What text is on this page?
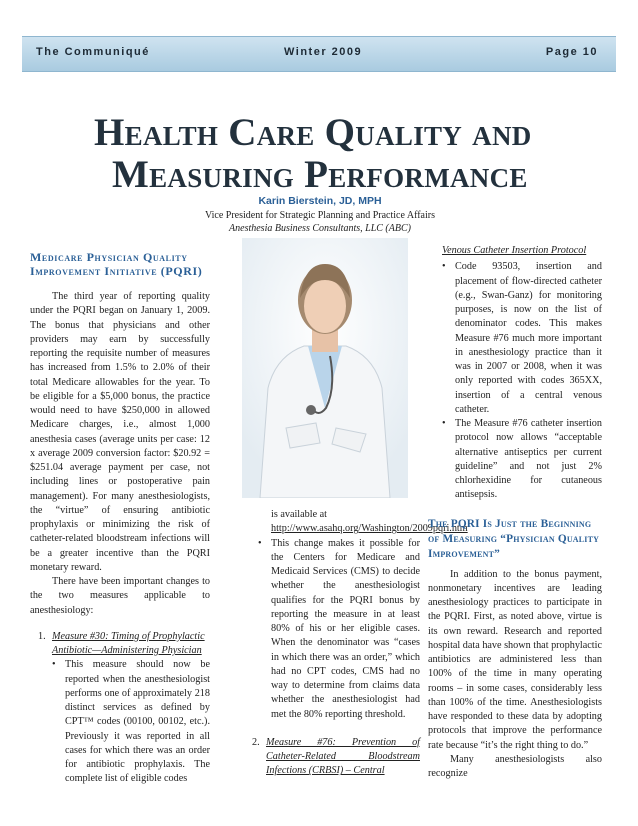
The Communiqué	Winter 2009	Page 10
Health Care Quality and
Measuring Performance
Karin Bierstein, JD, MPH
Vice President for Strategic Planning and Practice Affairs
Anesthesia Business Consultants, LLC (ABC)
Medicare Physician Quality Improvement Initiative (PQRI)

The third year of reporting quality under the PQRI began on January 1, 2009. The bonus that physicians and other providers may earn by successfully reporting the requisite number of measures has increased from 1.5% to 2.0% of their total Medicare allowables for the year. To be eligible for a $5,000 bonus, the practice would need to have $250,000 in allowed Medicare charges, i.e., almost 1,000 anesthesia cases (average units per case: 12 x average 2009 conversion factor: $20.92 = $251.04 average payment per case, not including lines or postoperative pain management). For many anesthesiologists, the “virtue” of ensuring antibiotic prophylaxis or minimizing the risk of catheter-related bloodstream infections will be a greater incentive than the PQRI monetary reward.

There have been important changes to the two measures applicable to anesthesiology:

1. Measure #30: Timing of Prophylactic Antibiotic—Administering Physician
• This measure should now be reported when the anesthesiologist performs one of approximately 218 distinct services as defined by CPT™ codes (00100, 00102, etc.). Previously it was reported in all cases for which there was an order for antibiotic prophylaxis. The complete list of eligible codes

is available at http://www.asahq.org/Washington/2009pqri.htm

• This change makes it possible for the Centers for Medicare and Medicaid Services (CMS) to decide whether the anesthesiologist qualifies for the PQRI bonus by reporting the measure in at least 80% of his or her eligible cases. When the denominator was “cases in which there was an order,” which had no CPT codes, CMS had no way to determine from claims data whether the anesthesiologist had met the 80% reporting threshold.
2. Measure #76: Prevention of Catheter-Related Bloodstream Infections (CRBSI) – Central
Venous Catheter Insertion Protocol
• Code 93503, insertion and placement of flow-directed catheter (e.g., Swan-Ganz) for monitoring purposes, is now on the list of denominator codes. This makes Measure #76 much more important in anesthesiology practice than it was in 2007 or 2008, when it was only reported with codes 365XX, insertion of a central venous catheter.
• The Measure #76 catheter insertion protocol now allows “acceptable alternative antiseptics per current guideline” and not just 2% chlorhexidine for cutaneous antisepsis.
The PQRI Is Just the Beginning of Measuring “Physician Quality Improvement”

In addition to the bonus payment, nonmonetary incentives are leading anesthesiology practices to participate in the PQRI. First, as noted above, virtue is its own reward. Research and reported hospital data have shown that prophylactic antibiotics are administered less than 100% of the time in many operating rooms – in some cases, considerably less than 100% of the time. Anesthesiologists have responded to these data by adopting protocols that improve the performance rate because “it’s the right thing to do.”

Many anesthesiologists also recognize
